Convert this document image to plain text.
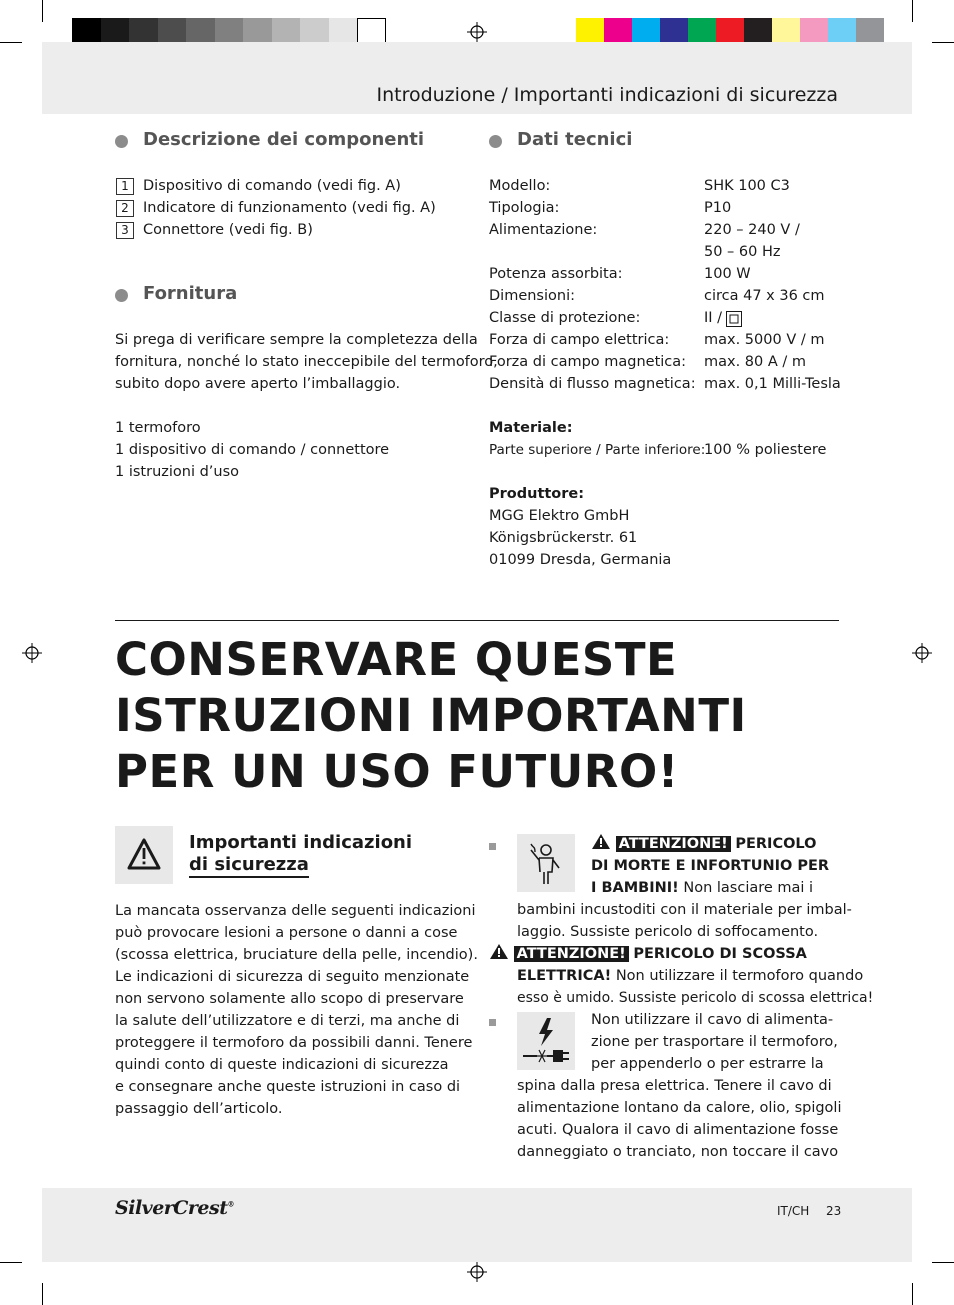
Introduzione / Importanti indicazioni di sicurezza
Descrizione dei componenti
1 Dispositivo di comando (vedi fig. A)
2 Indicatore di funzionamento (vedi fig. A)
3 Connettore (vedi fig. B)
Fornitura
Si prega di verificare sempre la completezza della
fornitura, nonché lo stato ineccepibile del termoforo,
subito dopo avere aperto l’imballaggio.
1 termoforo
1 dispositivo di comando / connettore
1 istruzioni d’uso
Dati tecnici
Modello:	SHK 100 C3
Tipologia:	P10
Alimentazione:	220 – 240 V /
50 – 60 Hz
Potenza assorbita:	100 W
Dimensioni:	circa 47 x 36 cm
Classe di protezione:	II /
Forza di campo elettrica: max. 5000 V / m
Forza di campo magnetica: max. 80 A / m
Densità di flusso magnetica: max. 0,1 Milli-Tesla
Materiale:
Parte superiore / Parte inferiore:
100 % poliestere
Produttore:
MGG Elektro GmbH
Königsbrückerstr. 61
01099 Dresda, Germania
CONSERVARE QUESTE
ISTRUZIONI IMPORTANTI
PER UN USO FUTURO!
Importanti indicazioni
di sicurezza
La mancata osservanza delle seguenti indicazioni
può provocare lesioni a persone o danni a cose
(scossa elettrica, bruciature della pelle, incendio).
Le indicazioni di sicurezza di seguito menzionate
non servono solamente allo scopo di preservare
la salute dell’utilizzatore e di terzi, ma anche di
proteggere il termoforo da possibili danni. Tenere
quindi conto di queste indicazioni di sicurezza
e consegnare anche queste istruzioni in caso di
passaggio dell’articolo.
ATTENZIONE! PERICOLO
DI MORTE E INFORTUNIO PER
I BAMBINI! Non lasciare mai i
bambini incustoditi con il materiale per imbal-
laggio. Sussiste pericolo di soffocamento.
ATTENZIONE! PERICOLO DI SCOSSA
ELETTRICA! Non utilizzare il termoforo quando
esso è umido. Sussiste pericolo di scossa elettrica!
Non utilizzare il cavo di alimenta-
zione per trasportare il termoforo,
per appenderlo o per estrarre la
spina dalla presa elettrica. Tenere il cavo di
alimentazione lontano da calore, olio, spigoli
acuti. Qualora il cavo di alimentazione fosse
danneggiato o tranciato, non toccare il cavo
SilverCrest®	IT/CH 23
